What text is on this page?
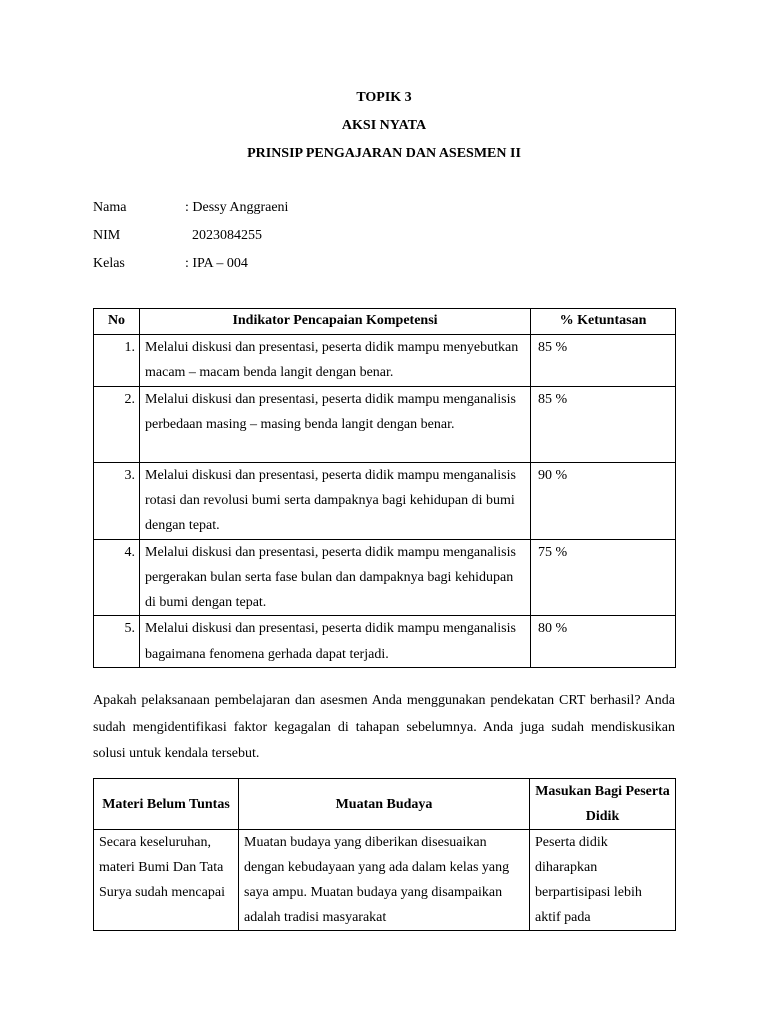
TOPIK 3
AKSI NYATA
PRINSIP PENGAJARAN DAN ASESMEN II
Nama	: Dessy Anggraeni
NIM	2023084255
Kelas	: IPA – 004
No	Indikator Pencapaian Kompetensi	% Ketuntasan
1.	Melalui diskusi dan presentasi, peserta didik mampu menyebutkan macam – macam benda langit dengan benar.	85 %
2.	Melalui diskusi dan presentasi, peserta didik mampu menganalisis perbedaan masing – masing benda langit dengan benar.	85 %
3.	Melalui diskusi dan presentasi, peserta didik mampu menganalisis rotasi dan revolusi bumi serta dampaknya bagi kehidupan di bumi dengan tepat.	90 %
4.	Melalui diskusi dan presentasi, peserta didik mampu menganalisis pergerakan bulan serta fase bulan dan dampaknya bagi kehidupan di bumi dengan tepat.	75 %
5.	Melalui diskusi dan presentasi, peserta didik mampu menganalisis bagaimana fenomena gerhada dapat terjadi.	80 %
Apakah pelaksanaan pembelajaran dan asesmen Anda menggunakan pendekatan CRT berhasil? Anda sudah mengidentifikasi faktor kegagalan di tahapan sebelumnya. Anda juga sudah mendiskusikan solusi untuk kendala tersebut.
Materi Belum Tuntas	Muatan Budaya	Masukan Bagi Peserta Didik
Secara keseluruhan, materi Bumi Dan Tata Surya sudah mencapai	Muatan budaya yang diberikan disesuaikan dengan kebudayaan yang ada dalam kelas yang saya ampu. Muatan budaya yang disampaikan adalah tradisi masyarakat	Peserta didik diharapkan berpartisipasi lebih aktif pada
